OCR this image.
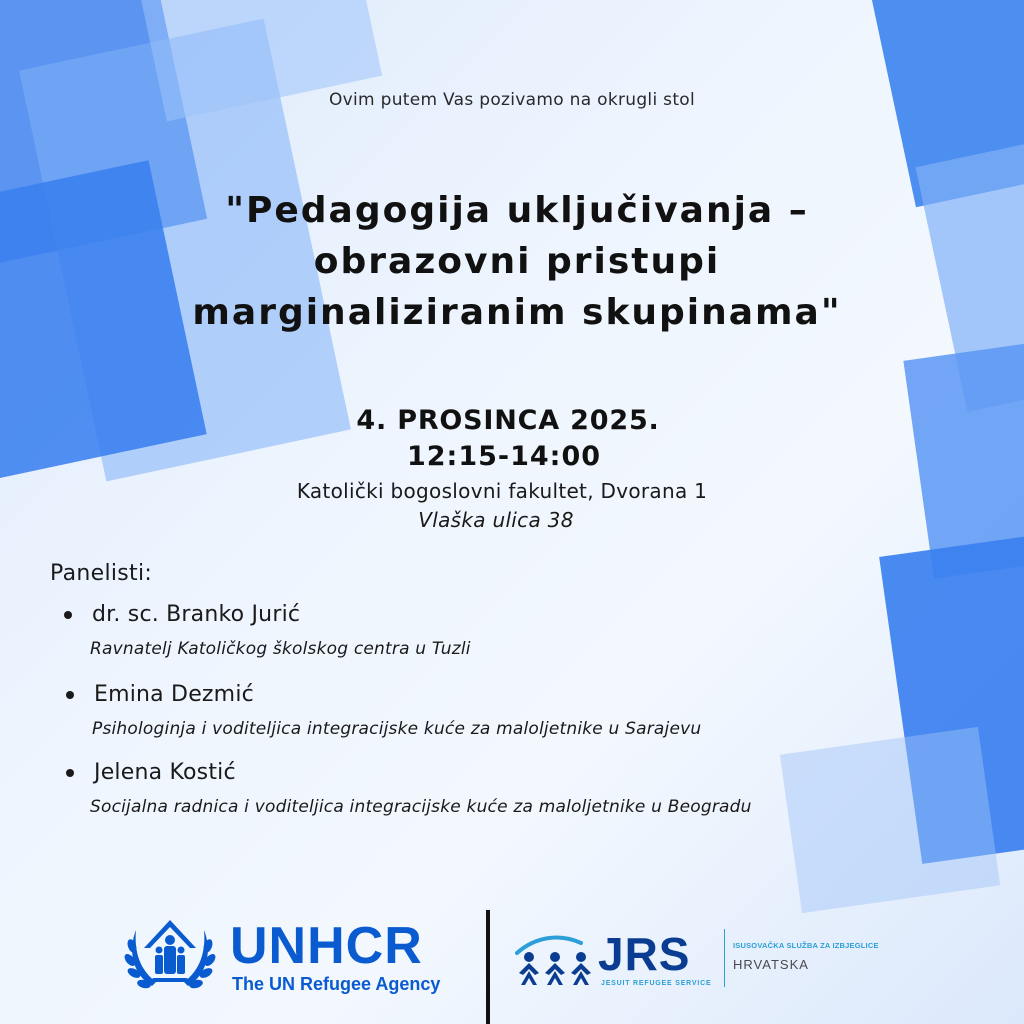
Ovim putem Vas pozivamo na okrugli stol
"Pedagogija uključivanja –
obrazovni pristupi
marginaliziranim skupinama"
4. PROSINCA 2025.
12:15-14:00
Katolički bogoslovni fakultet, Dvorana 1
Vlaška ulica 38
Panelisti:
dr. sc. Branko Jurić
Ravnatelj Katoličkog školskog centra u Tuzli
Emina Dezmić
Psihologinja i voditeljica integracijske kuće za maloljetnike u Sarajevu
Jelena Kostić
Socijalna radnica i voditeljica integracijske kuće za maloljetnike u Beogradu
UNHCR
The UN Refugee Agency
JRS
JESUIT REFUGEE SERVICE
ISUSOVAČKA SLUŽBA ZA IZBJEGLICE
HRVATSKA
